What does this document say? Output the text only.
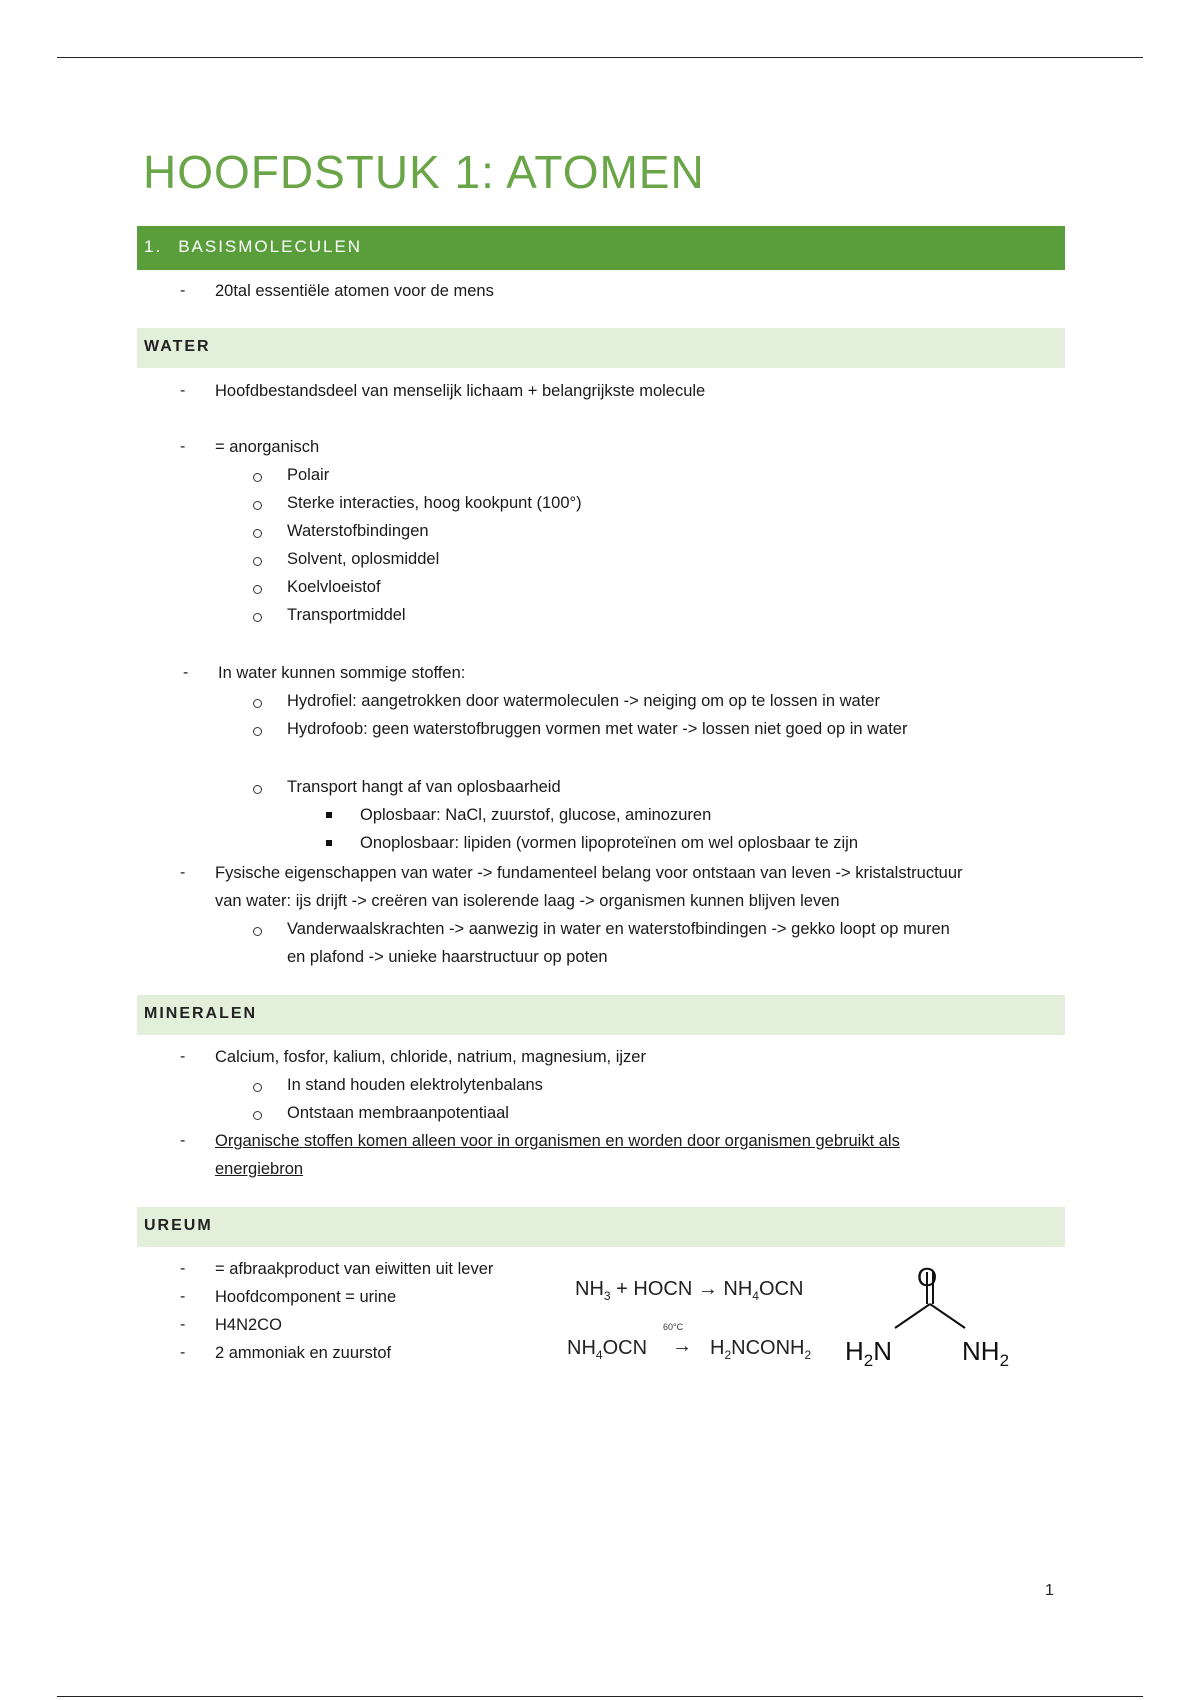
HOOFDSTUK 1: ATOMEN
1. BASISMOLECULEN
- 20tal essentiële atomen voor de mens
WATER
- Hoofdbestandsdeel van menselijk lichaam + belangrijkste molecule
- = anorganisch
Polair
Sterke interacties, hoog kookpunt (100°)
Waterstofbindingen
Solvent, oplosmiddel
Koelvloeistof
Transportmiddel
- In water kunnen sommige stoffen:
Hydrofiel: aangetrokken door watermoleculen -> neiging om op te lossen in water
Hydrofoob: geen waterstofbruggen vormen met water -> lossen niet goed op in water
Transport hangt af van oplosbaarheid
Oplosbaar: NaCl, zuurstof, glucose, aminozuren
Onoplosbaar: lipiden (vormen lipoproteïnen om wel oplosbaar te zijn
- Fysische eigenschappen van water -> fundamenteel belang voor ontstaan van leven -> kristalstructuur
van water: ijs drijft -> creëren van isolerende laag -> organismen kunnen blijven leven
Vanderwaalskrachten -> aanwezig in water en waterstofbindingen -> gekko loopt op muren
en plafond -> unieke haarstructuur op poten
MINERALEN
- Calcium, fosfor, kalium, chloride, natrium, magnesium, ijzer
In stand houden elektrolytenbalans
Ontstaan membraanpotentiaal
- Organische stoffen komen alleen voor in organismen en worden door organismen gebruikt als
energiebron
UREUM
- = afbraakproduct van eiwitten uit lever
- Hoofdcomponent = urine
- H4N2CO
- 2 ammoniak en zuurstof
$NH_3$ + HOCN → $NH_4OCN$
$NH_4OCN$
60°C
→ $H_2NCONH_2$
O
$H_2N$	$NH_2$
1
